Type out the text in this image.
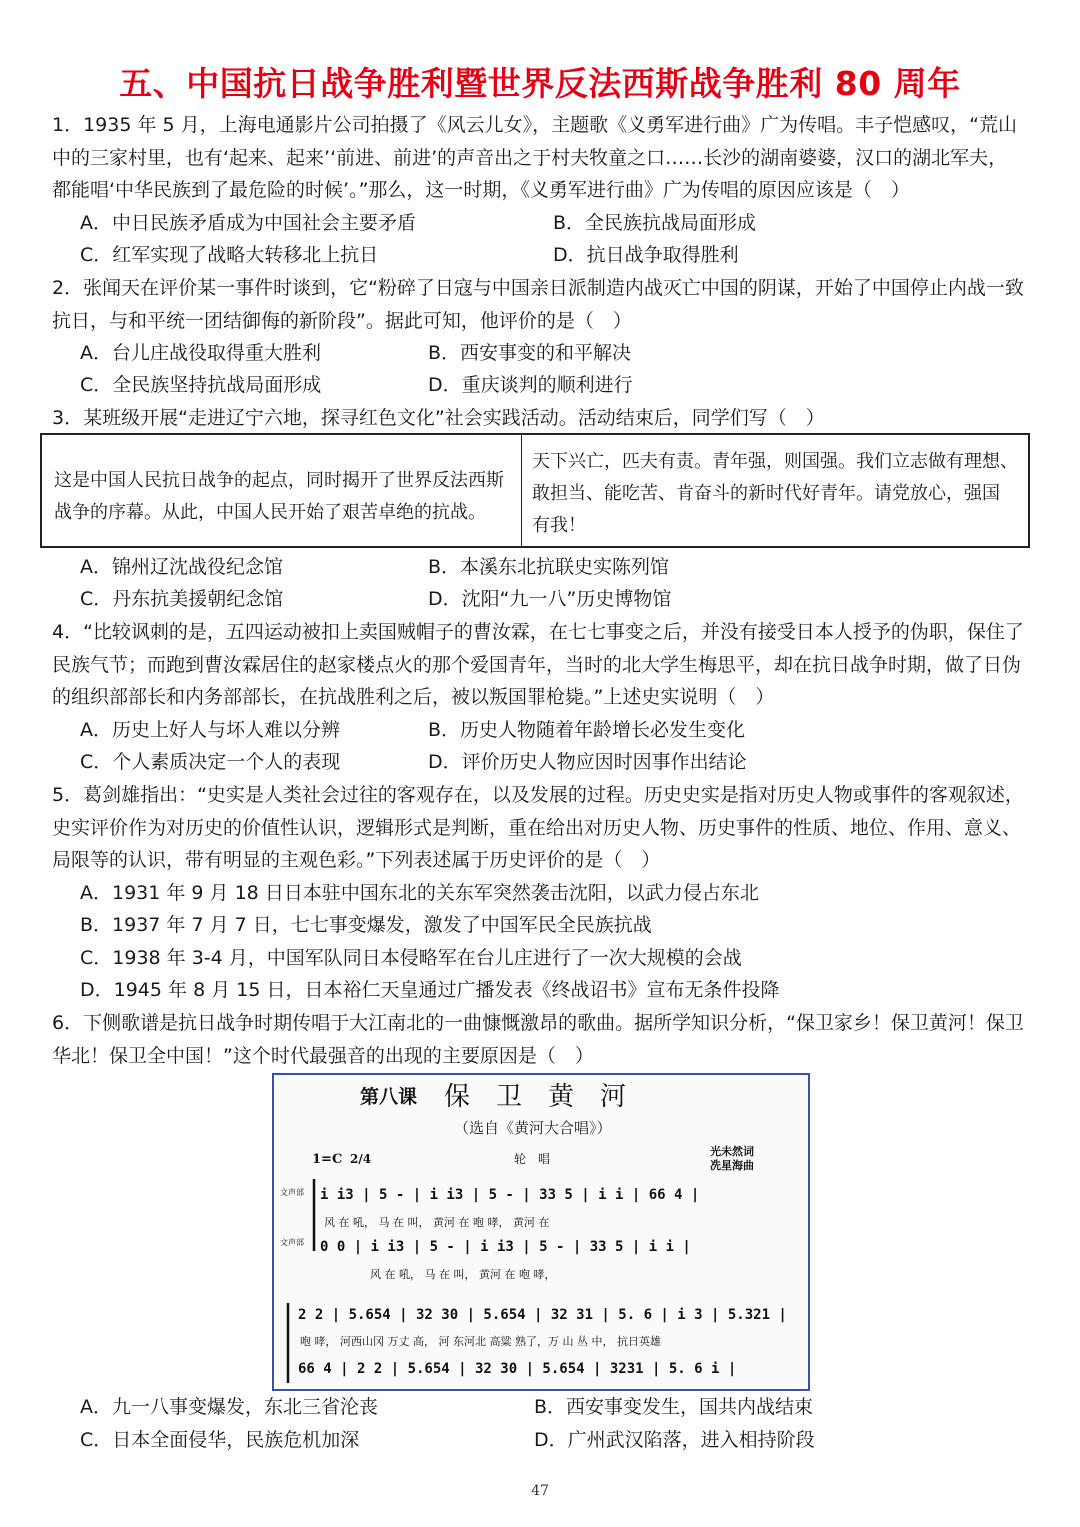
五、中国抗日战争胜利暨世界反法西斯战争胜利 80 周年
1．1935 年 5 月，上海电通影片公司拍摄了《风云儿女》，主题歌《义勇军进行曲》广为传唱。丰子恺感叹，“荒山
中的三家村里，也有‘起来、起来’‘前进、前进’的声音出之于村夫牧童之口……长沙的湖南婆婆，汉口的湖北军夫，
都能唱‘中华民族到了最危险的时候’。”那么，这一时期，《义勇军进行曲》广为传唱的原因应该是（　）
A．中日民族矛盾成为中国社会主要矛盾	B．全民族抗战局面形成
C．红军实现了战略大转移北上抗日	D．抗日战争取得胜利
2．张闻天在评价某一事件时谈到，它“粉碎了日寇与中国亲日派制造内战灭亡中国的阴谋，开始了中国停止内战一致
抗日，与和平统一团结御侮的新阶段”。据此可知，他评价的是（　）
A．台儿庄战役取得重大胜利	B．西安事变的和平解决
C．全民族坚持抗战局面形成	D．重庆谈判的顺利进行
3．某班级开展“走进辽宁六地，探寻红色文化”社会实践活动。活动结束后，同学们写（　）
这是中国人民抗日战争的起点，同时揭开了世界反法西斯
战争的序幕。从此，中国人民开始了艰苦卓绝的抗战。
天下兴亡，匹夫有责。青年强，则国强。我们立志做有理想、
敢担当、能吃苦、肯奋斗的新时代好青年。请党放心，强国
有我！
A．锦州辽沈战役纪念馆	B．本溪东北抗联史实陈列馆
C．丹东抗美援朝纪念馆	D．沈阳“九一八”历史博物馆
4．“比较讽刺的是，五四运动被扣上卖国贼帽子的曹汝霖，在七七事变之后，并没有接受日本人授予的伪职，保住了
民族气节；而跑到曹汝霖居住的赵家楼点火的那个爱国青年，当时的北大学生梅思平，却在抗日战争时期，做了日伪
的组织部部长和内务部部长，在抗战胜利之后，被以叛国罪枪毙。”上述史实说明（　）
A．历史上好人与坏人难以分辨	B．历史人物随着年龄增长必发生变化
C．个人素质决定一个人的表现	D．评价历史人物应因时因事作出结论
5．葛剑雄指出：“史实是人类社会过往的客观存在，以及发展的过程。历史史实是指对历史人物或事件的客观叙述，
史实评价作为对历史的价值性认识，逻辑形式是判断，重在给出对历史人物、历史事件的性质、地位、作用、意义、
局限等的认识，带有明显的主观色彩。”下列表述属于历史评价的是（　）
A．1931 年 9 月 18 日日本驻中国东北的关东军突然袭击沈阳，以武力侵占东北
B．1937 年 7 月 7 日，七七事变爆发，激发了中国军民全民族抗战
C．1938 年 3-4 月，中国军队同日本侵略军在台儿庄进行了一次大规模的会战
D．1945 年 8 月 15 日，日本裕仁天皇通过广播发表《终战诏书》宣布无条件投降
6．下侧歌谱是抗日战争时期传唱于大江南北的一曲慷慨激昂的歌曲。据所学知识分析，“保卫家乡！保卫黄河！保卫
华北！保卫全中国！”这个时代最强音的出现的主要原因是（　）
第八课 保　卫　黄　河
（选自《黄河大合唱》）
1=C 2/4	轮　唱
光未然词
冼星海曲
文声部 i i3 | 5 - | i i3 | 5 - | 33 5 | i i | 66 4 |
风 在 吼， 马 在 叫， 黄河 在 咆 哮， 黄河 在
文声部 0 0 | i i3 | 5 - | i i3 | 5 - | 33 5 | i i |
风 在 吼， 马 在 叫， 黄河 在 咆 哮，
2 2 | 5.654 | 32 30 | 5.654 | 32 31 | 5. 6 | i 3 | 5.321 |
咆 哮， 河西山冈 万丈 高， 河 东河北 高粱 熟了，万 山 丛 中， 抗日英雄
66 4 | 2 2 | 5.654 | 32 30 | 5.654 | 3231 | 5. 6 i |
A．九一八事变爆发，东北三省沦丧	B．西安事变发生，国共内战结束
C．日本全面侵华，民族危机加深	D．广州武汉陷落，进入相持阶段
47
